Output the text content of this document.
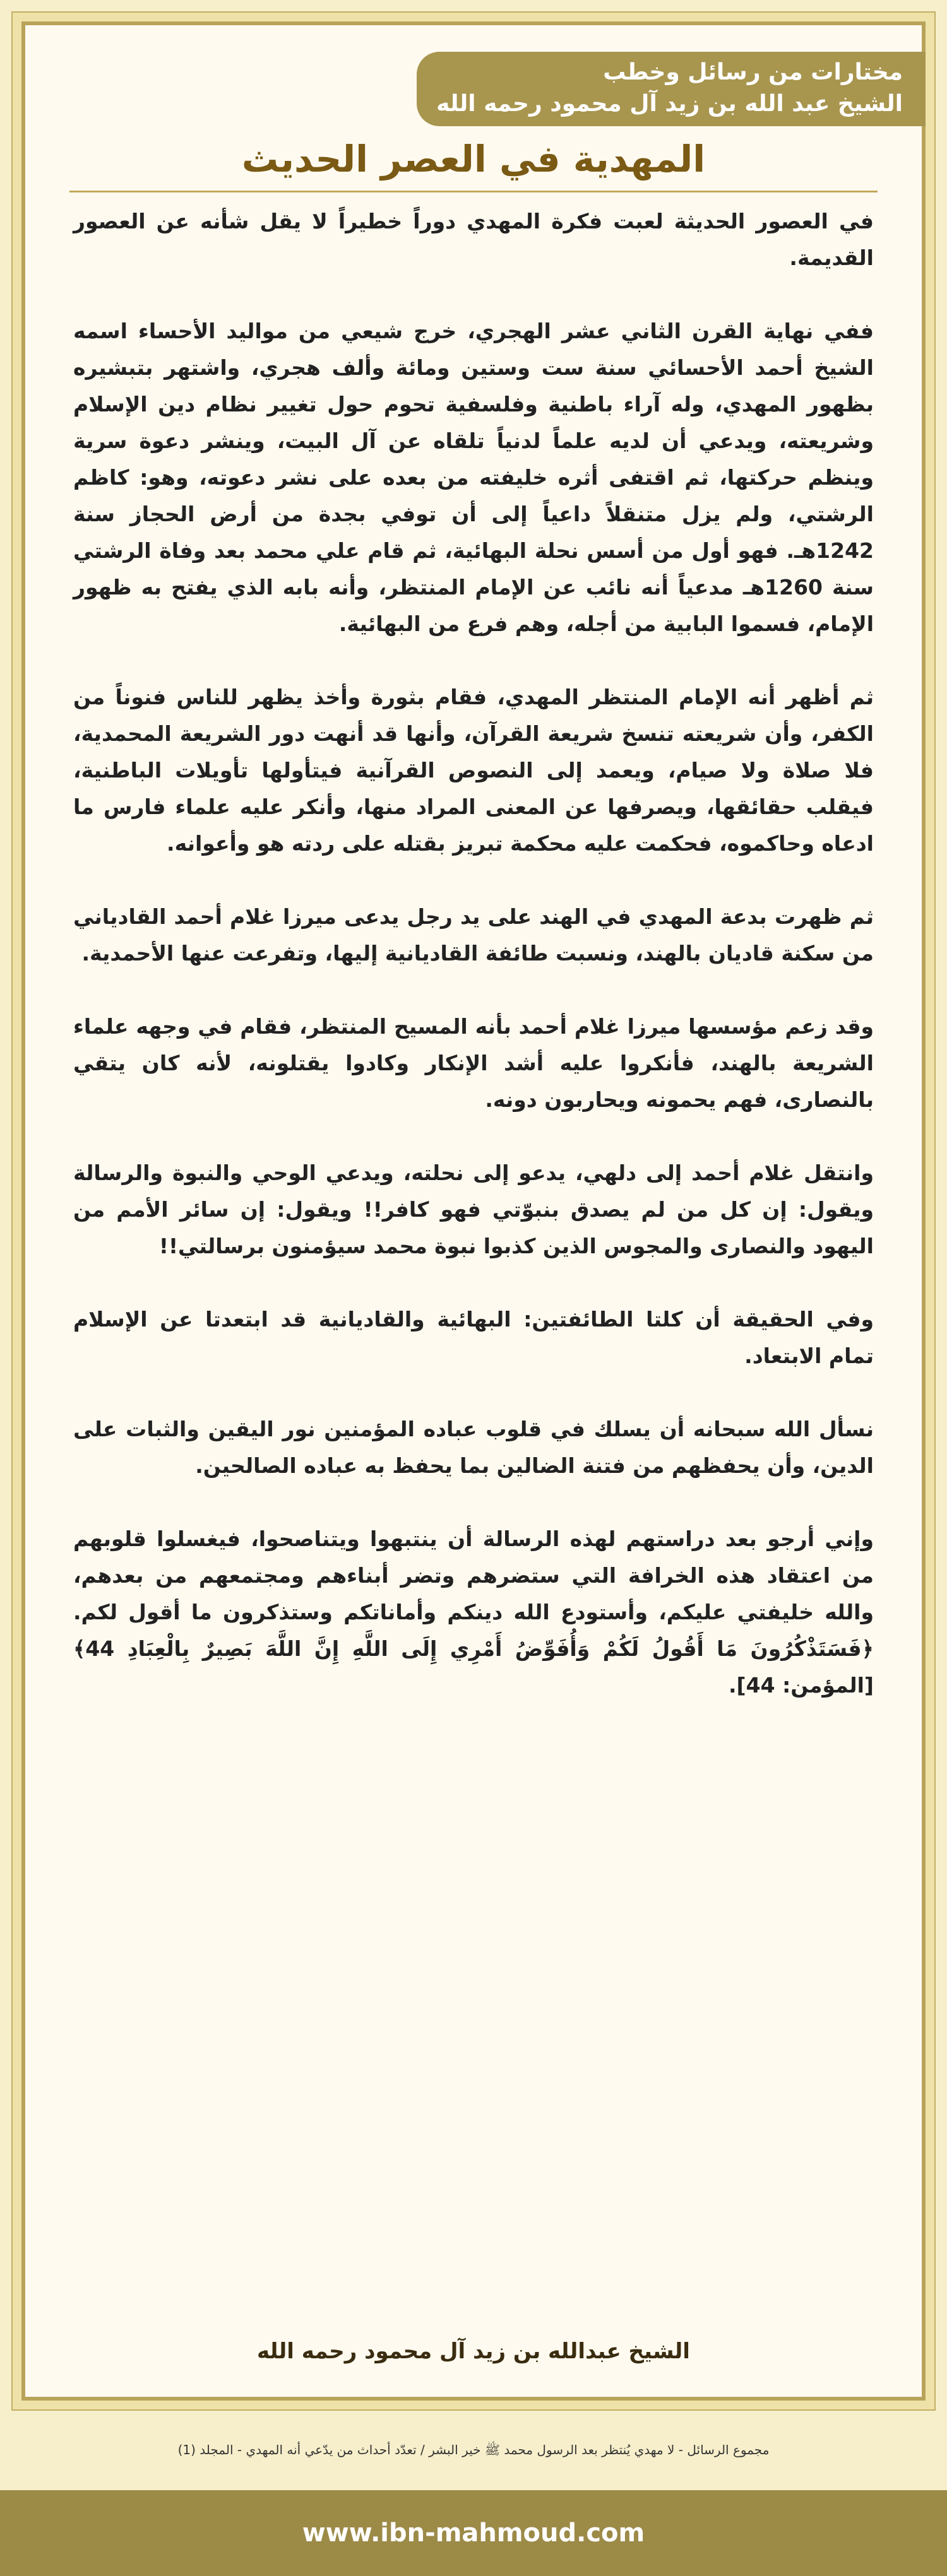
مختارات من رسائل وخطب
الشيخ عبد الله بن زيد آل محمود رحمه الله
المهدية في العصر الحديث

في العصور الحديثة لعبت فكرة المهدي دوراً خطيراً لا يقل شأنه عن العصور القديمة.

ففي نهاية القرن الثاني عشر الهجري، خرج شيعي من مواليد الأحساء اسمه الشيخ أحمد الأحسائي سنة ست وستين ومائة وألف هجري، واشتهر بتبشيره بظهور المهدي، وله آراء باطنية وفلسفية تحوم حول تغيير نظام دين الإسلام وشريعته، ويدعي أن لديه علماً لدنياً تلقاه عن آل البيت، وينشر دعوة سرية وينظم حركتها، ثم اقتفى أثره خليفته من بعده على نشر دعوته، وهو: كاظم الرشتي، ولم يزل متنقلاً داعياً إلى أن توفي بجدة من أرض الحجاز سنة 1242هـ. فهو أول من أسس نحلة البهائية، ثم قام علي محمد بعد وفاة الرشتي سنة 1260هـ مدعياً أنه نائب عن الإمام المنتظر، وأنه بابه الذي يفتح به ظهور الإمام، فسموا البابية من أجله، وهم فرع من البهائية.

ثم أظهر أنه الإمام المنتظر المهدي، فقام بثورة وأخذ يظهر للناس فنوناً من الكفر، وأن شريعته تنسخ شريعة القرآن، وأنها قد أنهت دور الشريعة المحمدية، فلا صلاة ولا صيام، ويعمد إلى النصوص القرآنية فيتأولها تأويلات الباطنية، فيقلب حقائقها، ويصرفها عن المعنى المراد منها، وأنكر عليه علماء فارس ما ادعاه وحاكموه، فحكمت عليه محكمة تبريز بقتله على ردته هو وأعوانه.

ثم ظهرت بدعة المهدي في الهند على يد رجل يدعى ميرزا غلام أحمد القادياني من سكنة قاديان بالهند، ونسبت طائفة القاديانية إليها، وتفرعت عنها الأحمدية.

وقد زعم مؤسسها ميرزا غلام أحمد بأنه المسيح المنتظر، فقام في وجهه علماء الشريعة بالهند، فأنكروا عليه أشد الإنكار وكادوا يقتلونه، لأنه كان يتقي بالنصارى، فهم يحمونه ويحاربون دونه.

وانتقل غلام أحمد إلى دلهي، يدعو إلى نحلته، ويدعي الوحي والنبوة والرسالة ويقول: إن كل من لم يصدق بنبوّتي فهو كافر!! ويقول: إن سائر الأمم من اليهود والنصارى والمجوس الذين كذبوا نبوة محمد سيؤمنون برسالتي!!

وفي الحقيقة أن كلتا الطائفتين: البهائية والقاديانية قد ابتعدتا عن الإسلام تمام الابتعاد.

نسأل الله سبحانه أن يسلك في قلوب عباده المؤمنين نور اليقين والثبات على الدين، وأن يحفظهم من فتنة الضالين بما يحفظ به عباده الصالحين.

وإني أرجو بعد دراستهم لهذه الرسالة أن ينتبهوا ويتناصحوا، فيغسلوا قلوبهم من اعتقاد هذه الخرافة التي ستضرهم وتضر أبناءهم ومجتمعهم من بعدهم، والله خليفتي عليكم، وأستودع الله دينكم وأماناتكم وستذكرون ما أقول لكم. ﴿فَسَتَذْكُرُونَ مَا أَقُولُ لَكُمْ وَأُفَوِّضُ أَمْرِي إِلَى اللَّهِ إِنَّ اللَّهَ بَصِيرٌ بِالْعِبَادِ 44﴾ [المؤمن: 44].

الشيخ عبدالله بن زيد آل محمود رحمه الله
مجموع الرسائل - لا مهدي يُنتظر بعد الرسول محمد ﷺ خير البشر / تعدّد أحداث من يدّعي أنه المهدي - المجلد (1)
www.ibn-mahmoud.com
